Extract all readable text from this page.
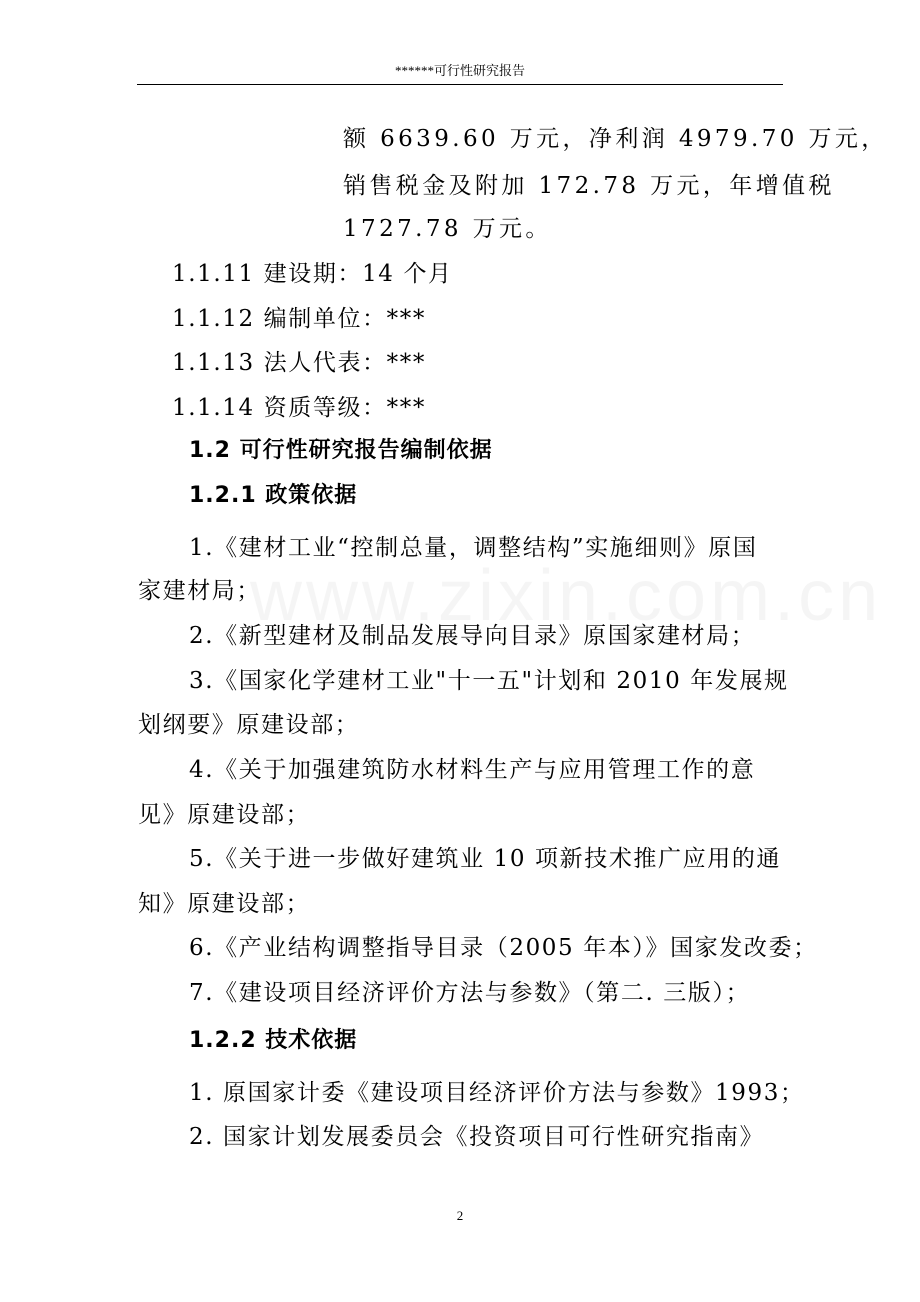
******可行性研究报告
额 6639.60 万元，净利润 4979.70 万元，
销售税金及附加 172.78 万元，年增值税
1727.78 万元。
1.1.11 建设期：14 个月
1.1.12 编制单位：***
1.1.13 法人代表：***
1.1.14 资质等级：***
1.2 可行性研究报告编制依据
1.2.1 政策依据
1.《建材工业“控制总量，调整结构”实施细则》原国
家建材局；
2.《新型建材及制品发展导向目录》原国家建材局；
3.《国家化学建材工业"十一五"计划和 2010 年发展规
划纲要》原建设部；
4.《关于加强建筑防水材料生产与应用管理工作的意
见》原建设部；
5.《关于进一步做好建筑业 10 项新技术推广应用的通
知》原建设部；
6.《产业结构调整指导目录（2005 年本）》国家发改委；
7.《建设项目经济评价方法与参数》（第二. 三版）；
1.2.2 技术依据
1. 原国家计委《建设项目经济评价方法与参数》1993；
2. 国家计划发展委员会《投资项目可行性研究指南》
2
